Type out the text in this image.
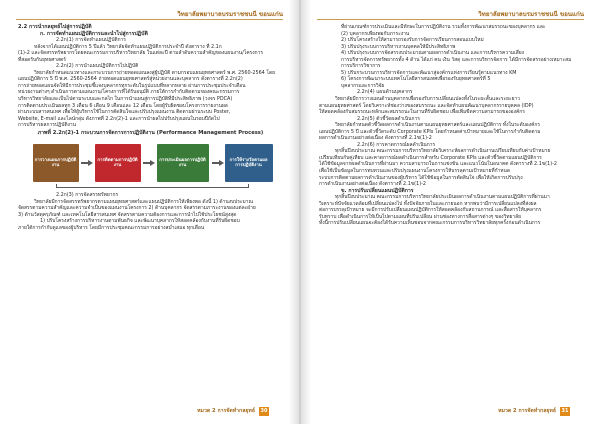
วิทยาลัยพยาบาลบรมราชชนนี ขอนแก่น

2.2 การนำกลยุทธ์ไปสู่การปฏิบัติ

ก. การจัดทำแผนปฏิบัติการและนำไปสู่การปฏิบัติ

2.2ก(1) การจัดทำแผนปฏิบัติการ

หลังจากได้แผนปฏิบัติการ 5 ปีแล้ว วิทยาลัยจัดทำแผนปฏิบัติการประจำปี ดังตาราง ที่ 2.1ก

(1)-2 และจัดสรรทรัพยากรโดยคณะกรรมการบริหารวิทยาลัย ในแต่ละปี ตามลำดับความสำคัญของแผนงาน/โครงการ

ที่สอดรับกับยุทธศาสตร์

2.2ก(2) การนำแผนปฏิบัติการไปปฏิบัติ

วิทยาลัยกำหนดแนวทางและกระบวนการถ่ายทอดแผนลงสู่ผู้ปฏิบัติ ตามกรอบแผนยุทธศาสตร์ พ.ศ. 2560-2564 โดย

แผนปฏิบัติการ 5 ปี พ.ศ. 2560-2564 ถ่ายทอดแผนยุทธศาสตร์สู่หน่วยงานและบุคลากร ดังตารางที่ 2.2ก(2)

การถ่ายทอดแผนจัดให้มีการประชุมชี้แจงบุคลากรทุกระดับในรูปแบบที่หลากหลาย ผ่านการประชุมประจำเดือน

หน่วยงานต่างๆ ดำเนินการตามแผนงาน/โครงการที่ได้รับอนุมัติ ภายใต้การกำกับติดตามของคณะกรรมการ

บริหารวิทยาลัยและเป็นไปตามระบบและกลไก ในการนำแผนสู่การปฏิบัติที่มีประสิทธิภาพ (วงจร PDCA)

การติดตามประเมินผลทุก 3 เดือน 6 เดือน 9 เดือนและ 12 เดือน โดยผู้รับผิดชอบโครงการรายงานผล

ผ่านระบบสารสนเทศ เพื่อให้ผู้บริหารใช้ในการตัดสินใจและปรับปรุงแผนงาน ติดตามผ่านระบบ Poster,

Website, E-mail และไลน์กลุ่ม ดังภาพที่ 2.2ก(2)-1 และการนำผลไปปรับปรุงแผนในรอบปีถัดไป

การบริหารผลการปฏิบัติงาน

ภาพที่ 2.2ก(2)-1 กระบวนการจัดการการปฏิบัติงาน (Performance Management Process)

การวางแผนการปฏิบัติงาน
การติดตามการปฏิบัติงาน
การประเมินผลการปฏิบัติงาน
การให้รางวัลตามผลการปฏิบัติงาน

2.2ก(3) การจัดสรรทรัพยากร

วิทยาลัยมีการจัดสรรทรัพยากรตามแผนยุทธศาสตร์และแผนปฏิบัติการให้เพียงพอ ดังนี้ 1) ด้านงบประมาณ

จัดสรรตามความสำคัญและความจำเป็นของแผนงานโครงการ 2) ด้านบุคลากร จัดสรรตามภาระงานของแต่ละฝ่าย

3) ด้านวัสดุครุภัณฑ์ และเทคโนโลยีสารสนเทศ จัดสรรตามความต้องการและการนำไปใช้ประโยชน์สูงสุด

1) ปรับโครงสร้างการบริหารงานตามพันธกิจ และพัฒนาบุคลากรให้สอดคล้องกับงานที่รับผิดชอบ

ภายใต้การกำกับดูแลของผู้บริหาร โดยมีการประชุมคณะกรรมการอย่างสม่ำเสมอ ทุกเดือน

หมวด 2 การจัดทำกลยุทธ์	30
วิทยาลัยพยาบาลบรมราชชนนี ขอนแก่น

ที่ผ่านเกณฑ์การประเมินและมีทักษะในการปฏิบัติงาน รวมทั้งการพัฒนาสมรรถนะของบุคลากร และ

(2) บุคลากรเพียงพอกับภาระงาน

2) ปรับโครงสร้างให้สามารถรองรับการจัดการเรียนการสอนแบบใหม่

3) ปรับปรุงระบบการบริหารงานบุคคลให้มีประสิทธิภาพ

4) ปรับปรุงระบบการจัดสรรงบประมาณตามผลการดำเนินงาน และการบริหารความเสี่ยง

การบริหารจัดการทรัพยากรทั้ง 4 ด้าน ได้แก่ คน เงิน วัสดุ และการบริหารจัดการ ได้มีการจัดสรรอย่างเหมาะสม

การบริการวิชาการ

5) ปรับกระบวนการบริหารจัดการและพัฒนาสู่องค์กรแห่งการเรียนรู้ตามแนวทาง KM

6) โครงการพัฒนาระบบเทคโนโลยีสารสนเทศเพื่อรองรับยุทธศาสตร์ที่ 5

บุคลากรและการวิจัย

2.2ก(4) แผนด้านบุคลากร

วิทยาลัยมีการวางแผนด้านบุคลากรเพื่อรองรับการเปลี่ยนแปลงทั้งในระยะสั้นและระยะยาว

ตามแผนยุทธศาสตร์ โดยวิเคราะห์ช่องว่างของสมรรถนะ และจัดทำแผนพัฒนาบุคลากรรายบุคคล (IDP)

ให้สอดคล้องกับสมรรถนะหลักและสมรรถนะในงานที่รับผิดชอบ เพื่อเพิ่มขีดความสามารถขององค์กร

2.2ก(5) ตัวชี้วัดผลดำเนินการ

วิทยาลัยกำหนดตัวชี้วัดผลการดำเนินงานตามแผนยุทธศาสตร์และแผนปฏิบัติการ ทั้งในระดับองค์กร

แผนปฏิบัติการ 5 ปี และตัวชี้วัดระดับ Corporate KPIs โดยกำหนดค่าเป้าหมายและใช้ในการกำกับติดตาม

ผลการดำเนินงานอย่างต่อเนื่อง ดังตารางที่ 2.1ข(1)-2

2.2ก(6) การคาดการณ์ผลดำเนินการ

ทุกสิ้นปีงบประมาณ คณะกรรมการบริหารวิทยาลัยวิเคราะห์ผลการดำเนินงานเปรียบเทียบกับค่าเป้าหมาย

เปรียบเทียบกับคู่เทียบ และคาดการณ์ผลดำเนินการสำหรับ Corporate KPIs และตัวชี้วัดตามแผนปฏิบัติการ

ได้ใช้ข้อมูลจากผลดำเนินการที่ผ่านมา ความสามารถในการแข่งขัน และแนวโน้มในอนาคต ดังตารางที่ 2.1ข(1)-2

เพื่อใช้เป็นข้อมูลในการทบทวนและปรับปรุงแผนงานโครงการให้บรรลุตามเป้าหมายที่กำหนด

ระบบการติดตามผลการดำเนินงานของผู้บริหาร ได้ใช้ข้อมูลในการตัดสินใจ เพื่อให้เกิดการปรับปรุง

การดำเนินงานอย่างต่อเนื่อง ดังตารางที่ 2.1ข(1)-2

ข. การปรับเปลี่ยนแผนปฏิบัติการ

ทุกสิ้นปีงบประมาณ คณะกรรมการบริหารวิทยาลัยประเมินผลการดำเนินงานตามแผนปฏิบัติการที่ผ่านมา

วิเคราะห์ปัจจัยแวดล้อมที่เปลี่ยนแปลงไป ทั้งปัจจัยภายในและภายนอก หากพบว่ามีการเปลี่ยนแปลงที่ส่งผล

ต่อการบรรลุเป้าหมาย จะมีการปรับเปลี่ยนแผนปฏิบัติการให้สอดคล้องกับสถานการณ์ และสื่อสารให้บุคลากร

รับทราบ เพื่อดำเนินการให้เป็นไปตามแผนที่ปรับเปลี่ยน ผ่านช่องทางการสื่อสารต่างๆ ของวิทยาลัย

ทั้งนี้การปรับเปลี่ยนแผนจะต้องได้รับความเห็นชอบจากคณะกรรมการบริหารวิทยาลัยทุกครั้งก่อนดำเนินการ

หมวด 2 การจัดทำกลยุทธ์	31
